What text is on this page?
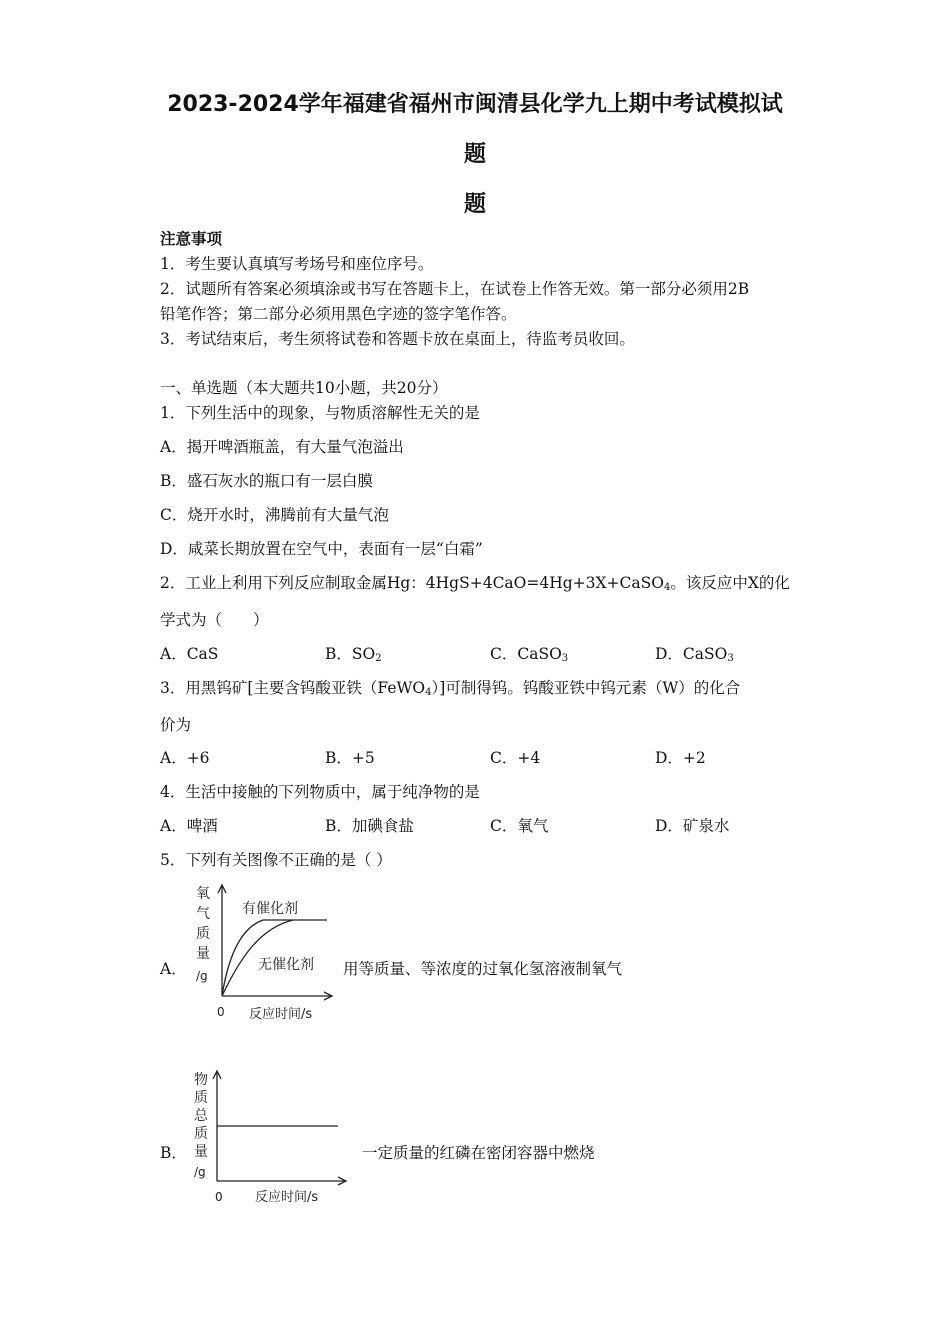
2023-2024学年福建省福州市闽清县化学九上期中考试模拟试
题
题
注意事项
1．考生要认真填写考场号和座位序号。
2．试题所有答案必须填涂或书写在答题卡上，在试卷上作答无效。第一部分必须用2B
铅笔作答；第二部分必须用黑色字迹的签字笔作答。
3．考试结束后，考生须将试卷和答题卡放在桌面上，待监考员收回。
一、单选题（本大题共10小题，共20分）
1．下列生活中的现象，与物质溶解性无关的是
A．揭开啤酒瓶盖，有大量气泡溢出
B．盛石灰水的瓶口有一层白膜
C．烧开水时，沸腾前有大量气泡
D．咸菜长期放置在空气中，表面有一层“白霜”
2．工业上利用下列反应制取金属Hg：4HgS+4CaO=4Hg+3X+CaSO$_4$。该反应中X的化
学式为（　　）
A．CaS	B．$SO_2$	C．CaSO$_3$	D．CaSO$_3$
3．用黑钨矿[主要含钨酸亚铁（FeWO$_4$）]可制得钨。钨酸亚铁中钨元素（W）的化合
价为
A．+6	B．+5	C．+4	D．+2
4．生活中接触的下列物质中，属于纯净物的是
A．啤酒	B．加碘食盐	C．氧气	D．矿泉水
5．下列有关图像不正确的是（ ）
A．
氧
气
质
量
/g
0 反应时间/s
有催化剂
无催化剂 用等质量、等浓度的过氧化氢溶液制氧气
B．
物
质
总
质
量
/g
0 反应时间/s
一定质量的红磷在密闭容器中燃烧
